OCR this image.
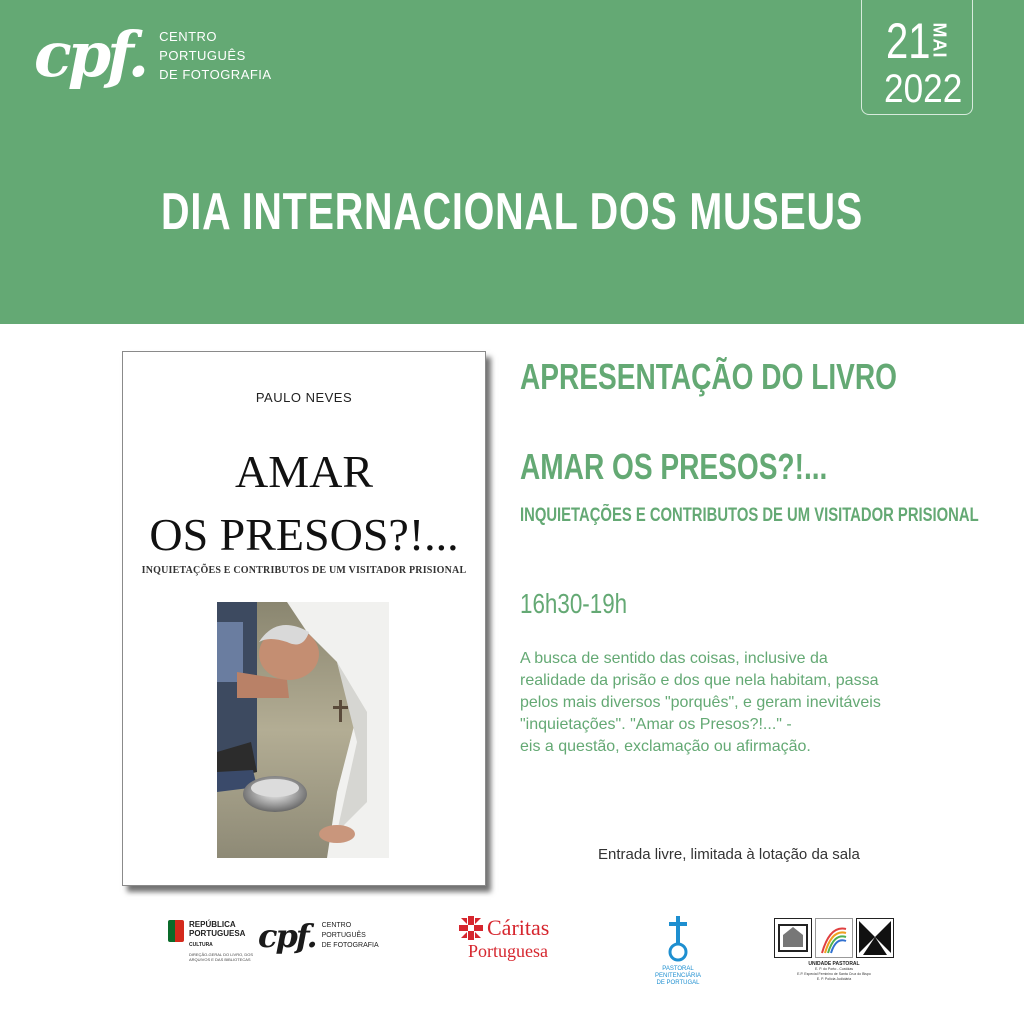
cpf. CENTRO
PORTUGUÊS
DE FOTOGRAFIA
21 MAI
2022
DIA INTERNACIONAL DOS MUSEUS
PAULO NEVES
AMAR
OS PRESOS?!...
INQUIETAÇÕES E CONTRIBUTOS DE UM VISITADOR PRISIONAL
APRESENTAÇÃO DO LIVRO
AMAR OS PRESOS?!...
INQUIETAÇÕES E CONTRIBUTOS DE UM VISITADOR PRISIONAL
16h30-19h
A busca de sentido das coisas, inclusive da
realidade da prisão e dos que nela habitam, passa
pelos mais diversos "porquês", e geram inevitáveis
"inquietações". "Amar os Presos?!..." -
eis a questão, exclamação ou afirmação.
Entrada livre, limitada à lotação da sala
REPÚBLICA
PORTUGUESA
CULTURA
DIREÇÃO-GERAL DO LIVRO, DOS ARQUIVOS E DAS BIBLIOTECAS
cpf. CENTRO
PORTUGUÊS
DE FOTOGRAFIA
Cáritas
Portuguesa
PASTORAL PENITENCIÁRIA
DE PORTUGAL
UNIDADE PASTORAL
E. P. do Porto - Custóias
E.P. Especial Feminino de Santa Cruz do Bispo
E. P. Polícia Judiciária
